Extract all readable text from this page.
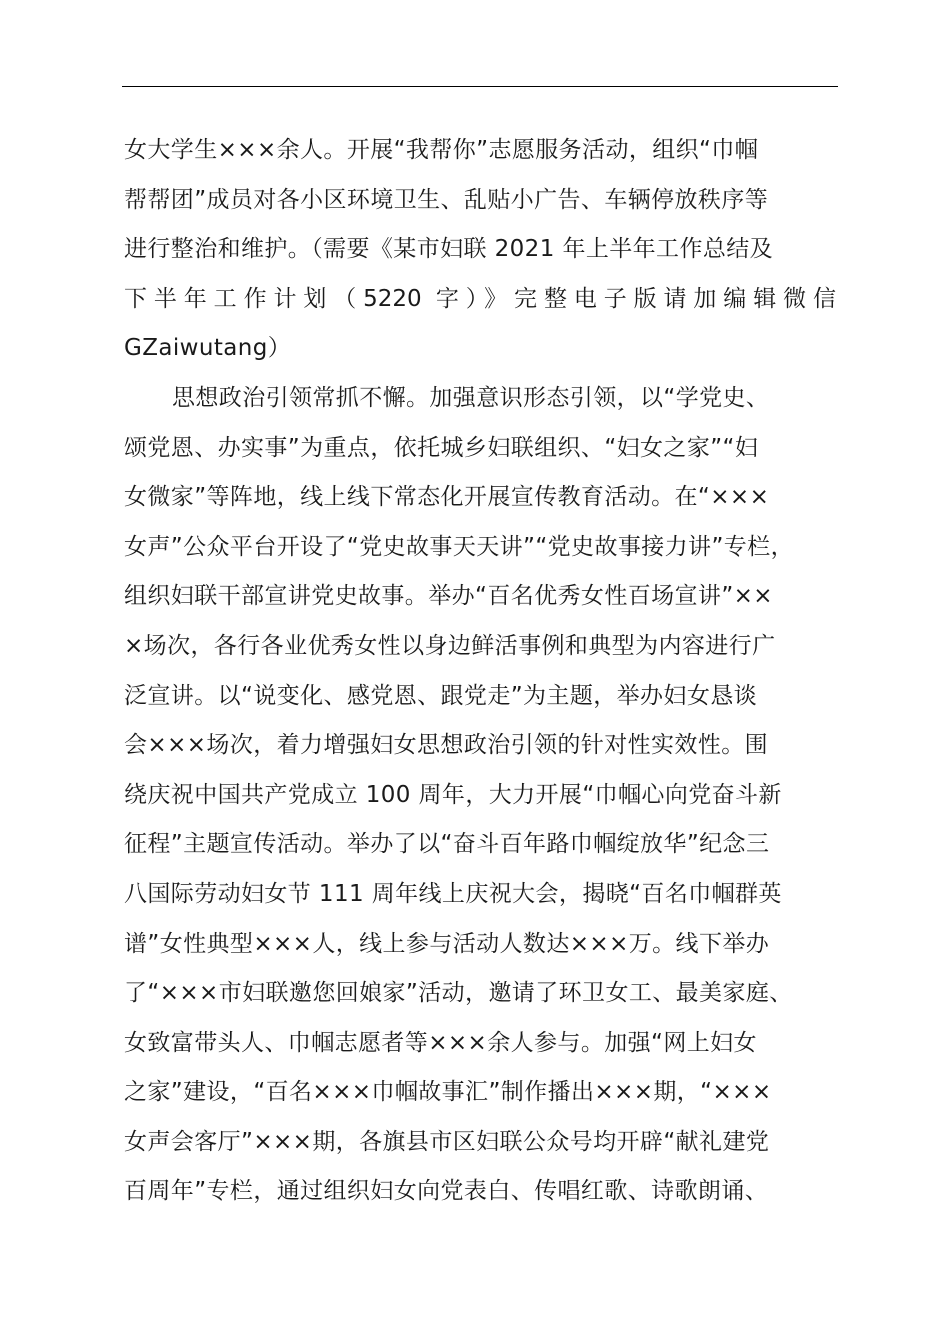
女大学生×××余人。开展“我帮你”志愿服务活动，组织“巾帼
帮帮团”成员对各小区环境卫生、乱贴小广告、车辆停放秩序等
进行整治和维护。（需要《某市妇联 2021 年上半年工作总结及
下半年工作计划（5220 字）》完整电子版请加编辑微信
GZaiwutang）
思想政治引领常抓不懈。加强意识形态引领，以“学党史、
颂党恩、办实事”为重点，依托城乡妇联组织、“妇女之家”“妇
女微家”等阵地，线上线下常态化开展宣传教育活动。在“×××
女声”公众平台开设了“党史故事天天讲”“党史故事接力讲”专栏，
组织妇联干部宣讲党史故事。举办“百名优秀女性百场宣讲”××
×场次，各行各业优秀女性以身边鲜活事例和典型为内容进行广
泛宣讲。以“说变化、感党恩、跟党走”为主题，举办妇女恳谈
会×××场次，着力增强妇女思想政治引领的针对性实效性。围
绕庆祝中国共产党成立 100 周年，大力开展“巾帼心向党奋斗新
征程”主题宣传活动。举办了以“奋斗百年路巾帼绽放华”纪念三
八国际劳动妇女节 111 周年线上庆祝大会，揭晓“百名巾帼群英
谱”女性典型×××人，线上参与活动人数达×××万。线下举办
了“×××市妇联邀您回娘家”活动，邀请了环卫女工、最美家庭、
女致富带头人、巾帼志愿者等×××余人参与。加强“网上妇女
之家”建设，“百名×××巾帼故事汇”制作播出×××期，“×××
女声会客厅”×××期，各旗县市区妇联公众号均开辟“献礼建党
百周年”专栏，通过组织妇女向党表白、传唱红歌、诗歌朗诵、
